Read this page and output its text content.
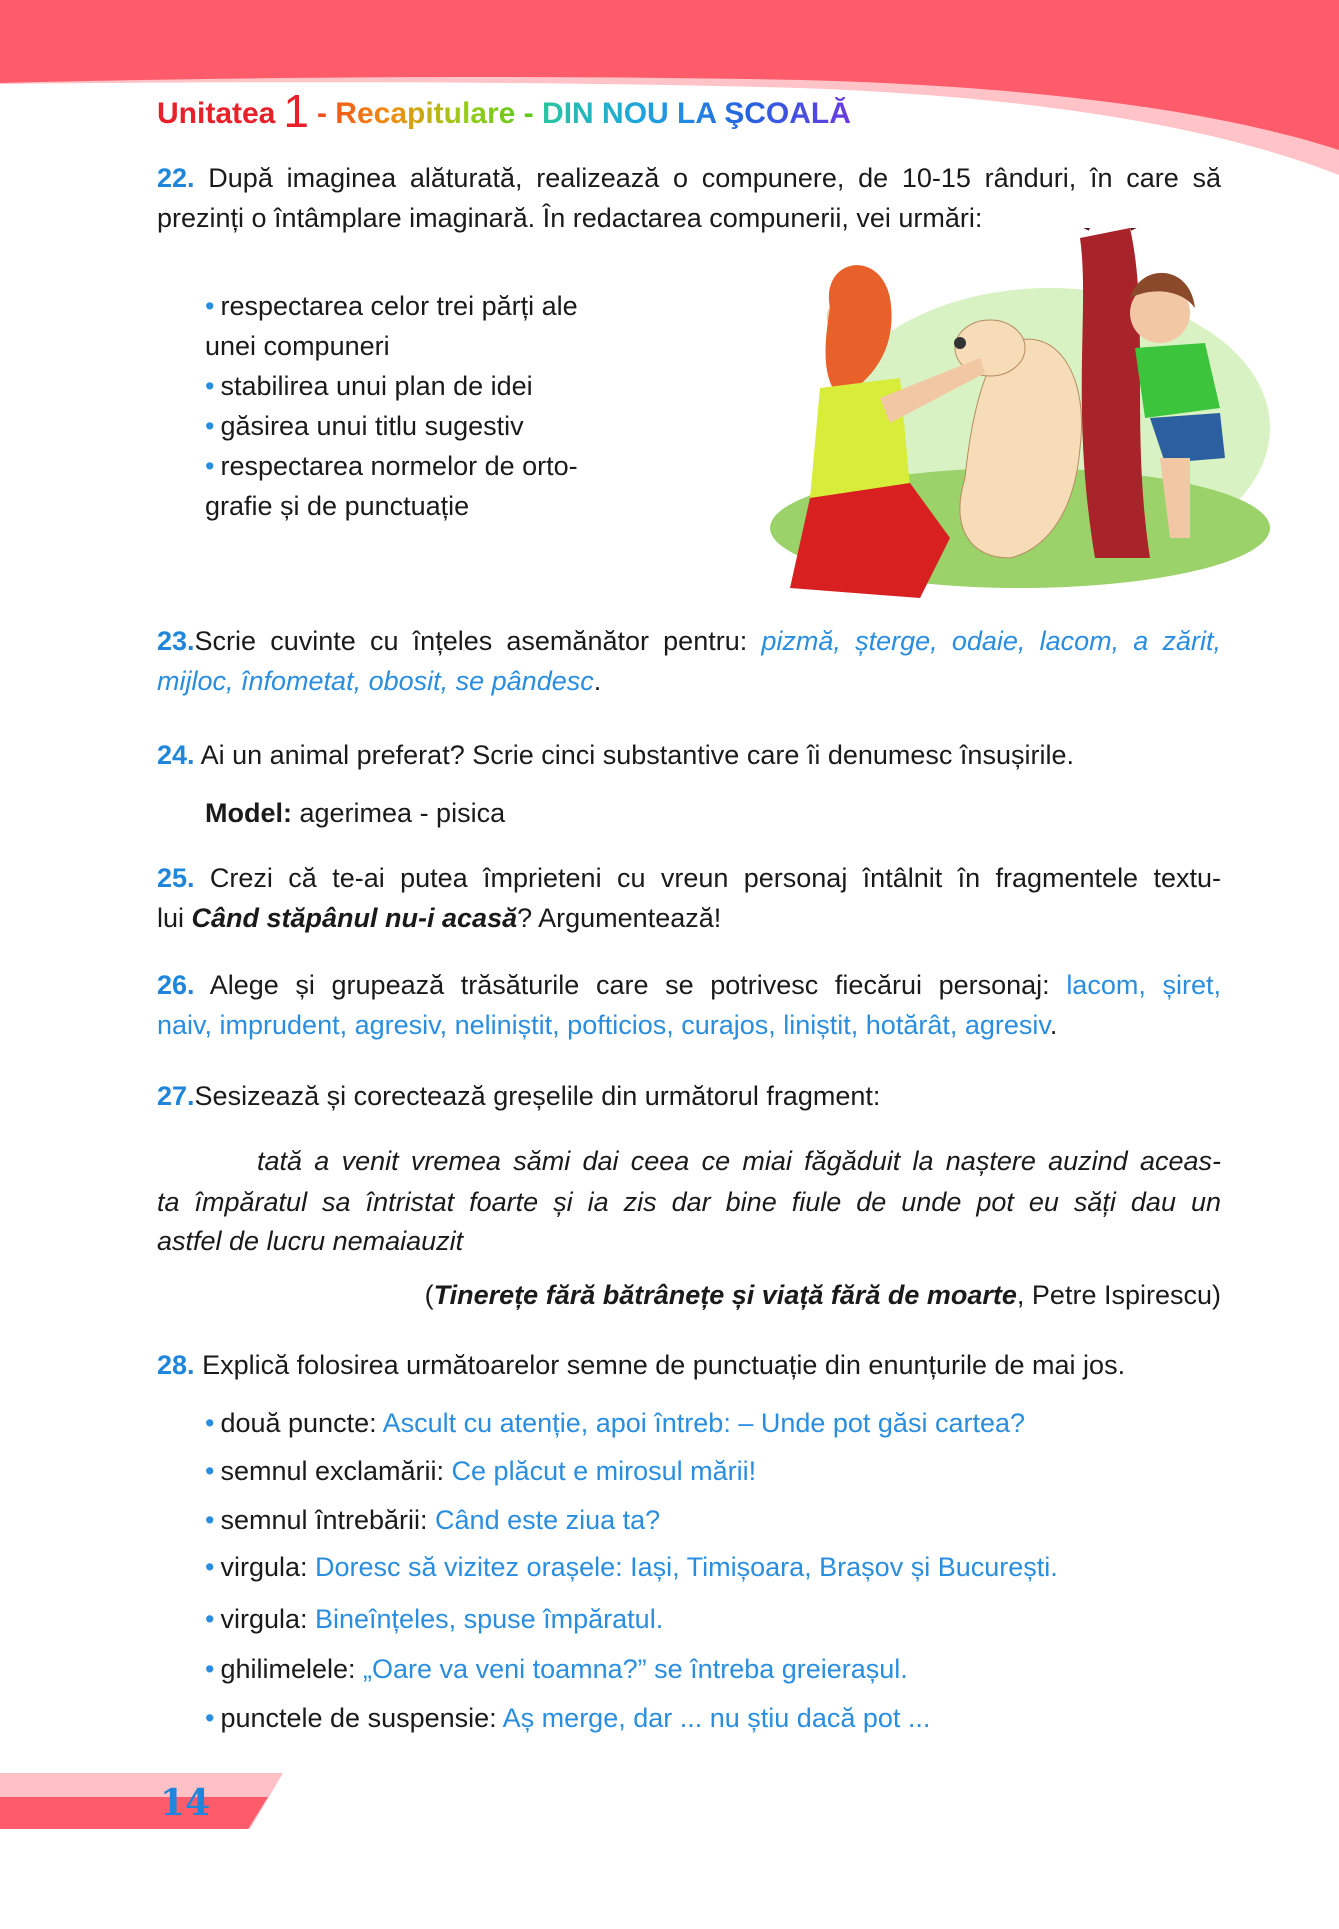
Unitatea 1 - Recapitulare - DIN NOU LA ŞCOALĂ
22. După imaginea alăturată, realizează o compunere, de 10-15 rânduri, în care să
prezinți o întâmplare imaginară. În redactarea compunerii, vei urmări:
• respectarea celor trei părți ale
unei compuneri
• stabilirea unui plan de idei
• găsirea unui titlu sugestiv
• respectarea normelor de orto-
grafie și de punctuație
23.Scrie cuvinte cu înțeles asemănător pentru: pizmă, șterge, odaie, lacom, a zărit,
mijloc, înfometat, obosit, se pândesc.
24. Ai un animal preferat? Scrie cinci substantive care îi denumesc însușirile.
Model: agerimea - pisica
25. Crezi că te-ai putea împrieteni cu vreun personaj întâlnit în fragmentele textu-
lui Când stăpânul nu-i acasă? Argumentează!
26. Alege și grupează trăsăturile care se potrivesc fiecărui personaj: lacom, șiret,
naiv, imprudent, agresiv, neliniștit, pofticios, curajos, liniștit, hotărât, agresiv.
27.Sesizează și corectează greșelile din următorul fragment:
tată a venit vremea sămi dai ceea ce miai făgăduit la naștere auzind aceas-
ta împăratul sa întristat foarte și ia zis dar bine fiule de unde pot eu săți dau un
astfel de lucru nemaiauzit
(Tinerețe fără bătrânețe și viață fără de moarte, Petre Ispirescu)
28. Explică folosirea următoarelor semne de punctuație din enunțurile de mai jos.
• două puncte: Ascult cu atenție, apoi întreb: – Unde pot găsi cartea?
• semnul exclamării: Ce plăcut e mirosul mării!
• semnul întrebării: Când este ziua ta?
• virgula: Doresc să vizitez orașele: Iași, Timișoara, Brașov și București.
• virgula: Bineînțeles, spuse împăratul.
• ghilimelele: „Oare va veni toamna?” se întreba greierașul.
• punctele de suspensie: Aș merge, dar ... nu știu dacă pot ...
14
